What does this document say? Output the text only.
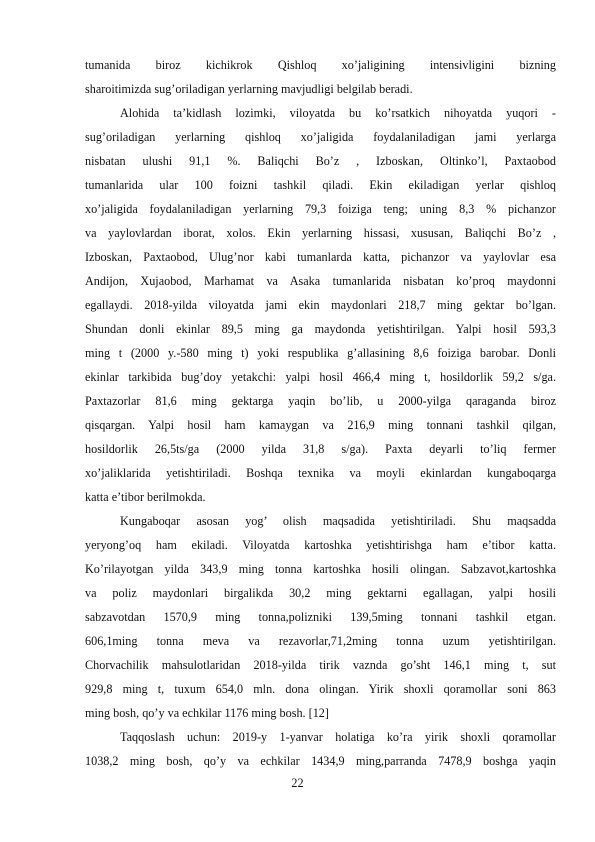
tumanida biroz kichikrok Qishloq xo’jaligining intensivligini bizning
sharoitimizda sug’oriladigan yerlarning mavjudligi belgilab beradi.
Alohida ta’kidlash lozimki, viloyatda bu ko’rsatkich nihoyatda yuqori -
sug’oriladigan yerlarning qishloq xo’jaligida foydalaniladigan jami yerlarga
nisbatan ulushi 91,1 %. Baliqchi Bo’z , Izboskan, Oltinko’l, Paxtaobod
tumanlarida ular 100 foizni tashkil qiladi. Ekin ekiladigan yerlar qishloq
xo’jaligida foydalaniladigan yerlarning 79,3 foiziga teng; uning 8,3 % pichanzor
va yaylovlardan iborat, xolos. Ekin yerlarning hissasi, xususan, Baliqchi Bo’z ,
Izboskan, Paxtaobod, Ulug’nor kabi tumanlarda katta, pichanzor va yaylovlar esa
Andijon, Xujaobod, Marhamat va Asaka tumanlarida nisbatan ko’proq maydonni
egallaydi. 2018-yilda viloyatda jami ekin maydonlari 218,7 ming gektar bo’lgan.
Shundan donli ekinlar 89,5 ming ga maydonda yetishtirilgan. Yalpi hosil 593,3
ming t (2000 y.-580 ming t) yoki respublika g’allasining 8,6 foiziga barobar. Donli
ekinlar tarkibida bug’doy yetakchi: yalpi hosil 466,4 ming t, hosildorlik 59,2 s/ga.
Paxtazorlar 81,6 ming gektarga yaqin bo’lib, u 2000-yilga qaraganda biroz
qisqargan. Yalpi hosil ham kamaygan va 216,9 ming tonnani tashkil qilgan,
hosildorlik 26,5ts/ga (2000 yilda 31,8 s/ga). Paxta deyarli to’liq fermer
xo’jaliklarida yetishtiriladi. Boshqa texnika va moyli ekinlardan kungaboqarga
katta e’tibor berilmokda.
Kungaboqar asosan yog’ olish maqsadida yetishtiriladi. Shu maqsadda
yeryong’oq ham ekiladi. Viloyatda kartoshka yetishtirishga ham e’tibor katta.
Ko’rilayotgan yilda 343,9 ming tonna kartoshka hosili olingan. Sabzavot,kartoshka
va poliz maydonlari birgalikda 30,2 ming gektarni egallagan, yalpi hosili
sabzavotdan 1570,9 ming tonna,polizniki 139,5ming tonnani tashkil etgan.
606,1ming tonna meva va rezavorlar,71,2ming tonna uzum yetishtirilgan.
Chorvachilik mahsulotlaridan 2018-yilda tirik vaznda go’sht 146,1 ming t, sut
929,8 ming t, tuxum 654,0 mln. dona olingan. Yirik shoxli qoramollar soni 863
ming bosh, qo’y va echkilar 1176 ming bosh. [12]
Taqqoslash uchun: 2019-y 1-yanvar holatiga ko’ra yirik shoxli qoramollar
1038,2 ming bosh, qo’y va echkilar 1434,9 ming,parranda 7478,9 boshga yaqin
22
